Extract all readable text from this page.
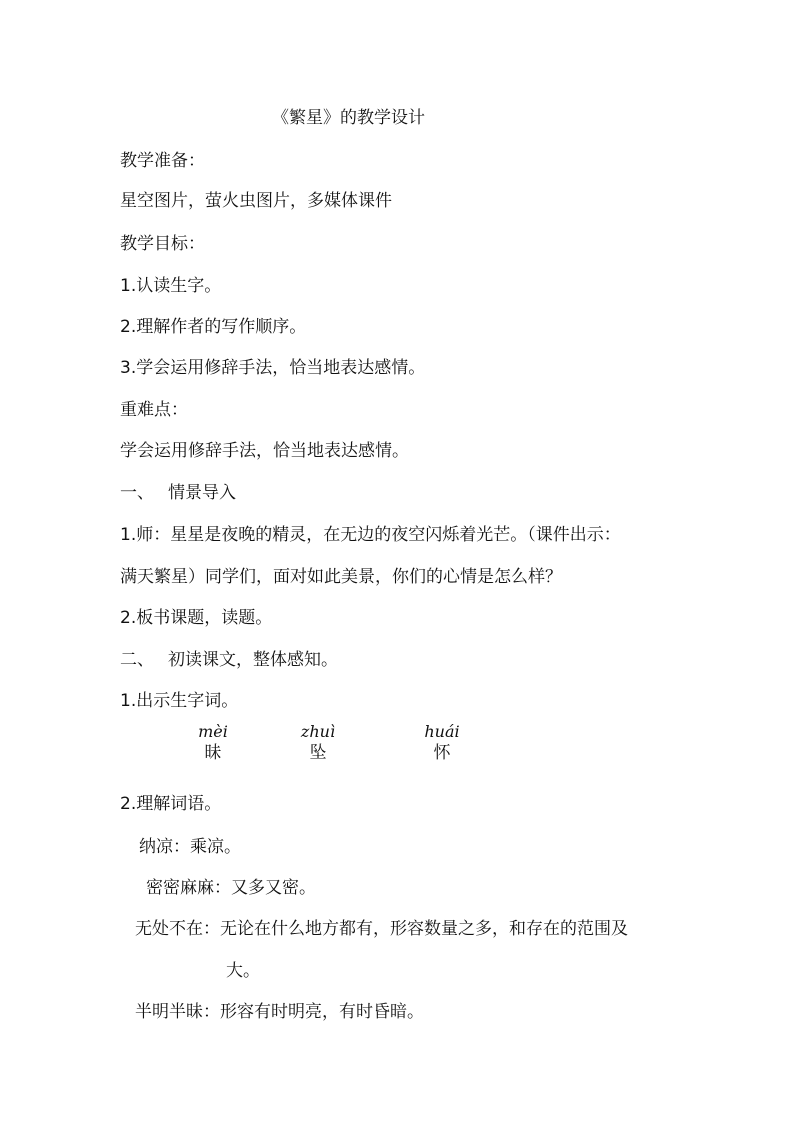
《繁星》的教学设计
教学准备：
星空图片，萤火虫图片，多媒体课件
教学目标：
1.认读生字。
2.理解作者的写作顺序。
3.学会运用修辞手法，恰当地表达感情。
重难点：
学会运用修辞手法，恰当地表达感情。
一、 情景导入
1.师：星星是夜晚的精灵，在无边的夜空闪烁着光芒。（课件出示：
满天繁星）同学们，面对如此美景，你们的心情是怎么样？
2.板书课题，读题。
二、 初读课文，整体感知。
1.出示生字词。
mèi
昧
zhuì
坠
huái
怀
2.理解词语。
纳凉：乘凉。
密密麻麻：又多又密。
无处不在：无论在什么地方都有，形容数量之多，和存在的范围及
大。
半明半昧：形容有时明亮，有时昏暗。
